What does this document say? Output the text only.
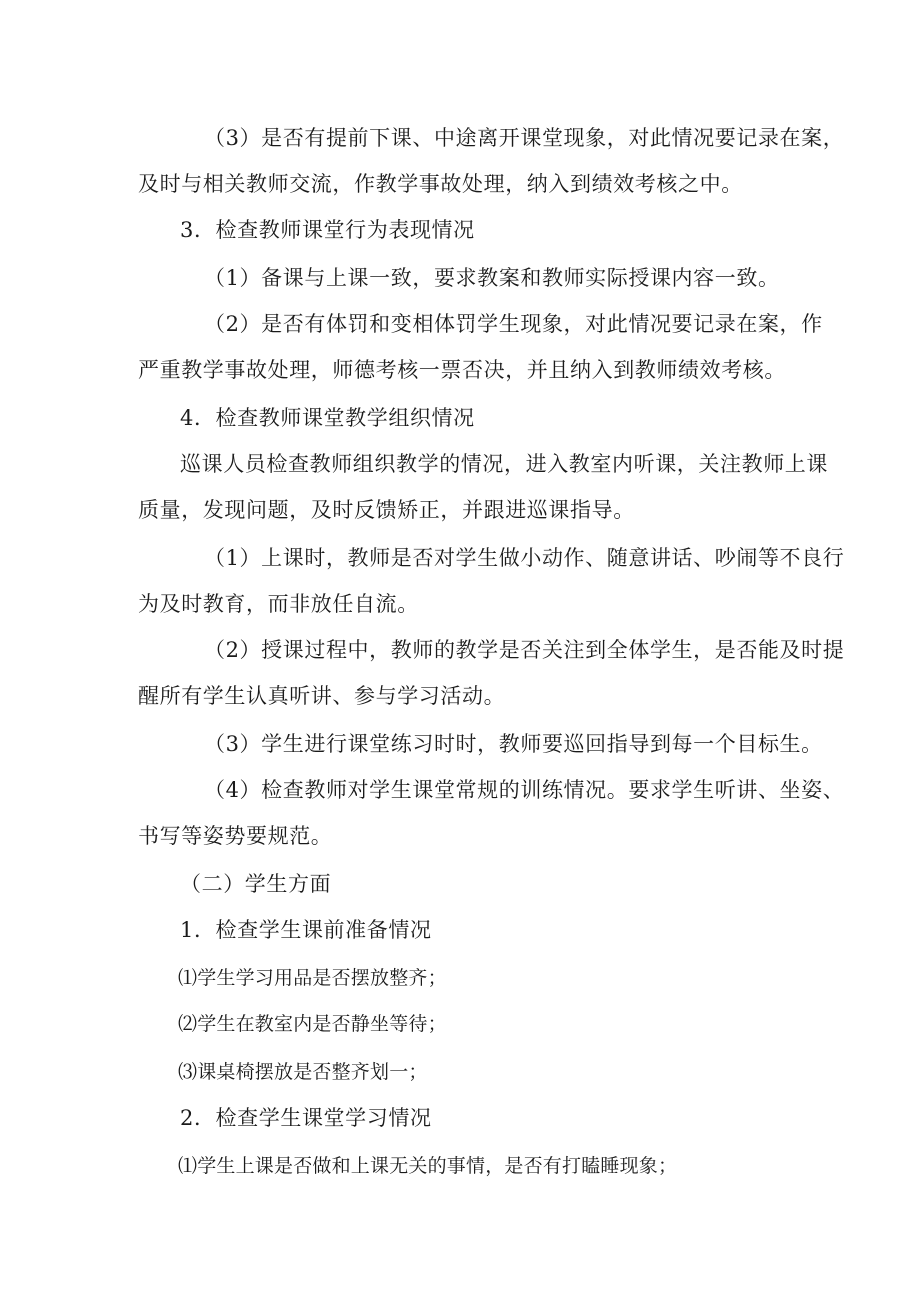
（3）是否有提前下课、中途离开课堂现象，对此情况要记录在案，
及时与相关教师交流，作教学事故处理，纳入到绩效考核之中。
3．检查教师课堂行为表现情况
（1）备课与上课一致，要求教案和教师实际授课内容一致。
（2）是否有体罚和变相体罚学生现象，对此情况要记录在案，作
严重教学事故处理，师德考核一票否决，并且纳入到教师绩效考核。
4．检查教师课堂教学组织情况
巡课人员检查教师组织教学的情况，进入教室内听课，关注教师上课
质量，发现问题，及时反馈矫正，并跟进巡课指导。
（1）上课时，教师是否对学生做小动作、随意讲话、吵闹等不良行
为及时教育，而非放任自流。
（2）授课过程中，教师的教学是否关注到全体学生，是否能及时提
醒所有学生认真听讲、参与学习活动。
（3）学生进行课堂练习时时，教师要巡回指导到每一个目标生。
（4）检查教师对学生课堂常规的训练情况。要求学生听讲、坐姿、
书写等姿势要规范。
（二）学生方面
1．检查学生课前准备情况
⑴学生学习用品是否摆放整齐；
⑵学生在教室内是否静坐等待；
⑶课桌椅摆放是否整齐划一；
2．检查学生课堂学习情况
⑴学生上课是否做和上课无关的事情，是否有打瞌睡现象；
